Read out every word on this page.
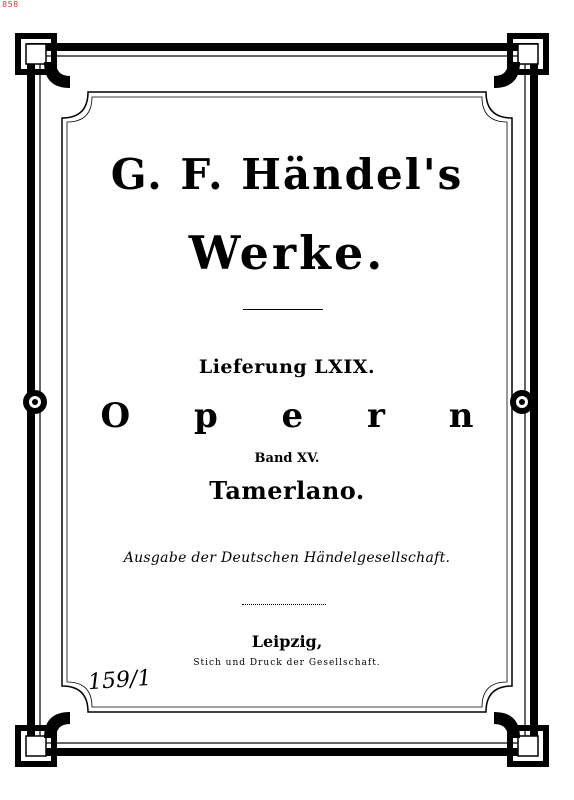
858
G. F. Händel's
Werke.
Lieferung LXIX.
O p e r n
Band XV.
Tamerlano.
Ausgabe der Deutschen Händelgesellschaft.
Leipzig,
Stich und Druck der Gesellschaft.
159/1
